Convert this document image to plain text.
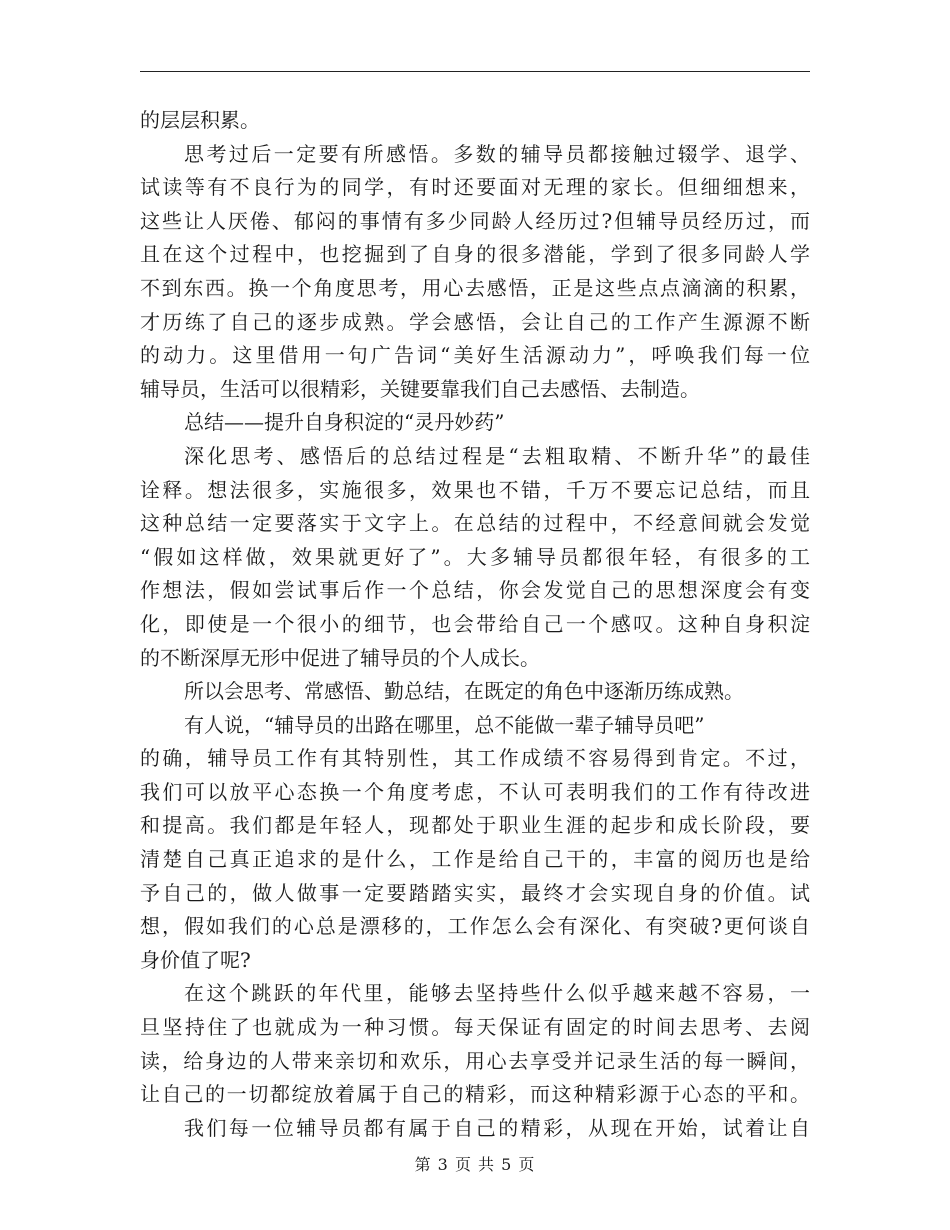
的层层积累。
思考过后一定要有所感悟。多数的辅导员都接触过辍学、退学、
试读等有不良行为的同学，有时还要面对无理的家长。但细细想来，
这些让人厌倦、郁闷的事情有多少同龄人经历过?但辅导员经历过，而
且在这个过程中，也挖掘到了自身的很多潜能，学到了很多同龄人学
不到东西。换一个角度思考，用心去感悟，正是这些点点滴滴的积累，
才历练了自己的逐步成熟。学会感悟，会让自己的工作产生源源不断
的动力。这里借用一句广告词“美好生活源动力”，呼唤我们每一位
辅导员，生活可以很精彩，关键要靠我们自己去感悟、去制造。
总结——提升自身积淀的“灵丹妙药”
深化思考、感悟后的总结过程是“去粗取精、不断升华”的最佳
诠释。想法很多，实施很多，效果也不错，千万不要忘记总结，而且
这种总结一定要落实于文字上。在总结的过程中，不经意间就会发觉
“假如这样做，效果就更好了”。大多辅导员都很年轻，有很多的工
作想法，假如尝试事后作一个总结，你会发觉自己的思想深度会有变
化，即使是一个很小的细节，也会带给自己一个感叹。这种自身积淀
的不断深厚无形中促进了辅导员的个人成长。
所以会思考、常感悟、勤总结，在既定的角色中逐渐历练成熟。
有人说，“辅导员的出路在哪里，总不能做一辈子辅导员吧”
的确，辅导员工作有其特别性，其工作成绩不容易得到肯定。不过，
我们可以放平心态换一个角度考虑，不认可表明我们的工作有待改进
和提高。我们都是年轻人，现都处于职业生涯的起步和成长阶段，要
清楚自己真正追求的是什么，工作是给自己干的，丰富的阅历也是给
予自己的，做人做事一定要踏踏实实，最终才会实现自身的价值。试
想，假如我们的心总是漂移的，工作怎么会有深化、有突破?更何谈自
身价值了呢?
在这个跳跃的年代里，能够去坚持些什么似乎越来越不容易，一
旦坚持住了也就成为一种习惯。每天保证有固定的时间去思考、去阅
读，给身边的人带来亲切和欢乐，用心去享受并记录生活的每一瞬间，
让自己的一切都绽放着属于自己的精彩，而这种精彩源于心态的平和。
我们每一位辅导员都有属于自己的精彩，从现在开始，试着让自
第 3 页 共 5 页
